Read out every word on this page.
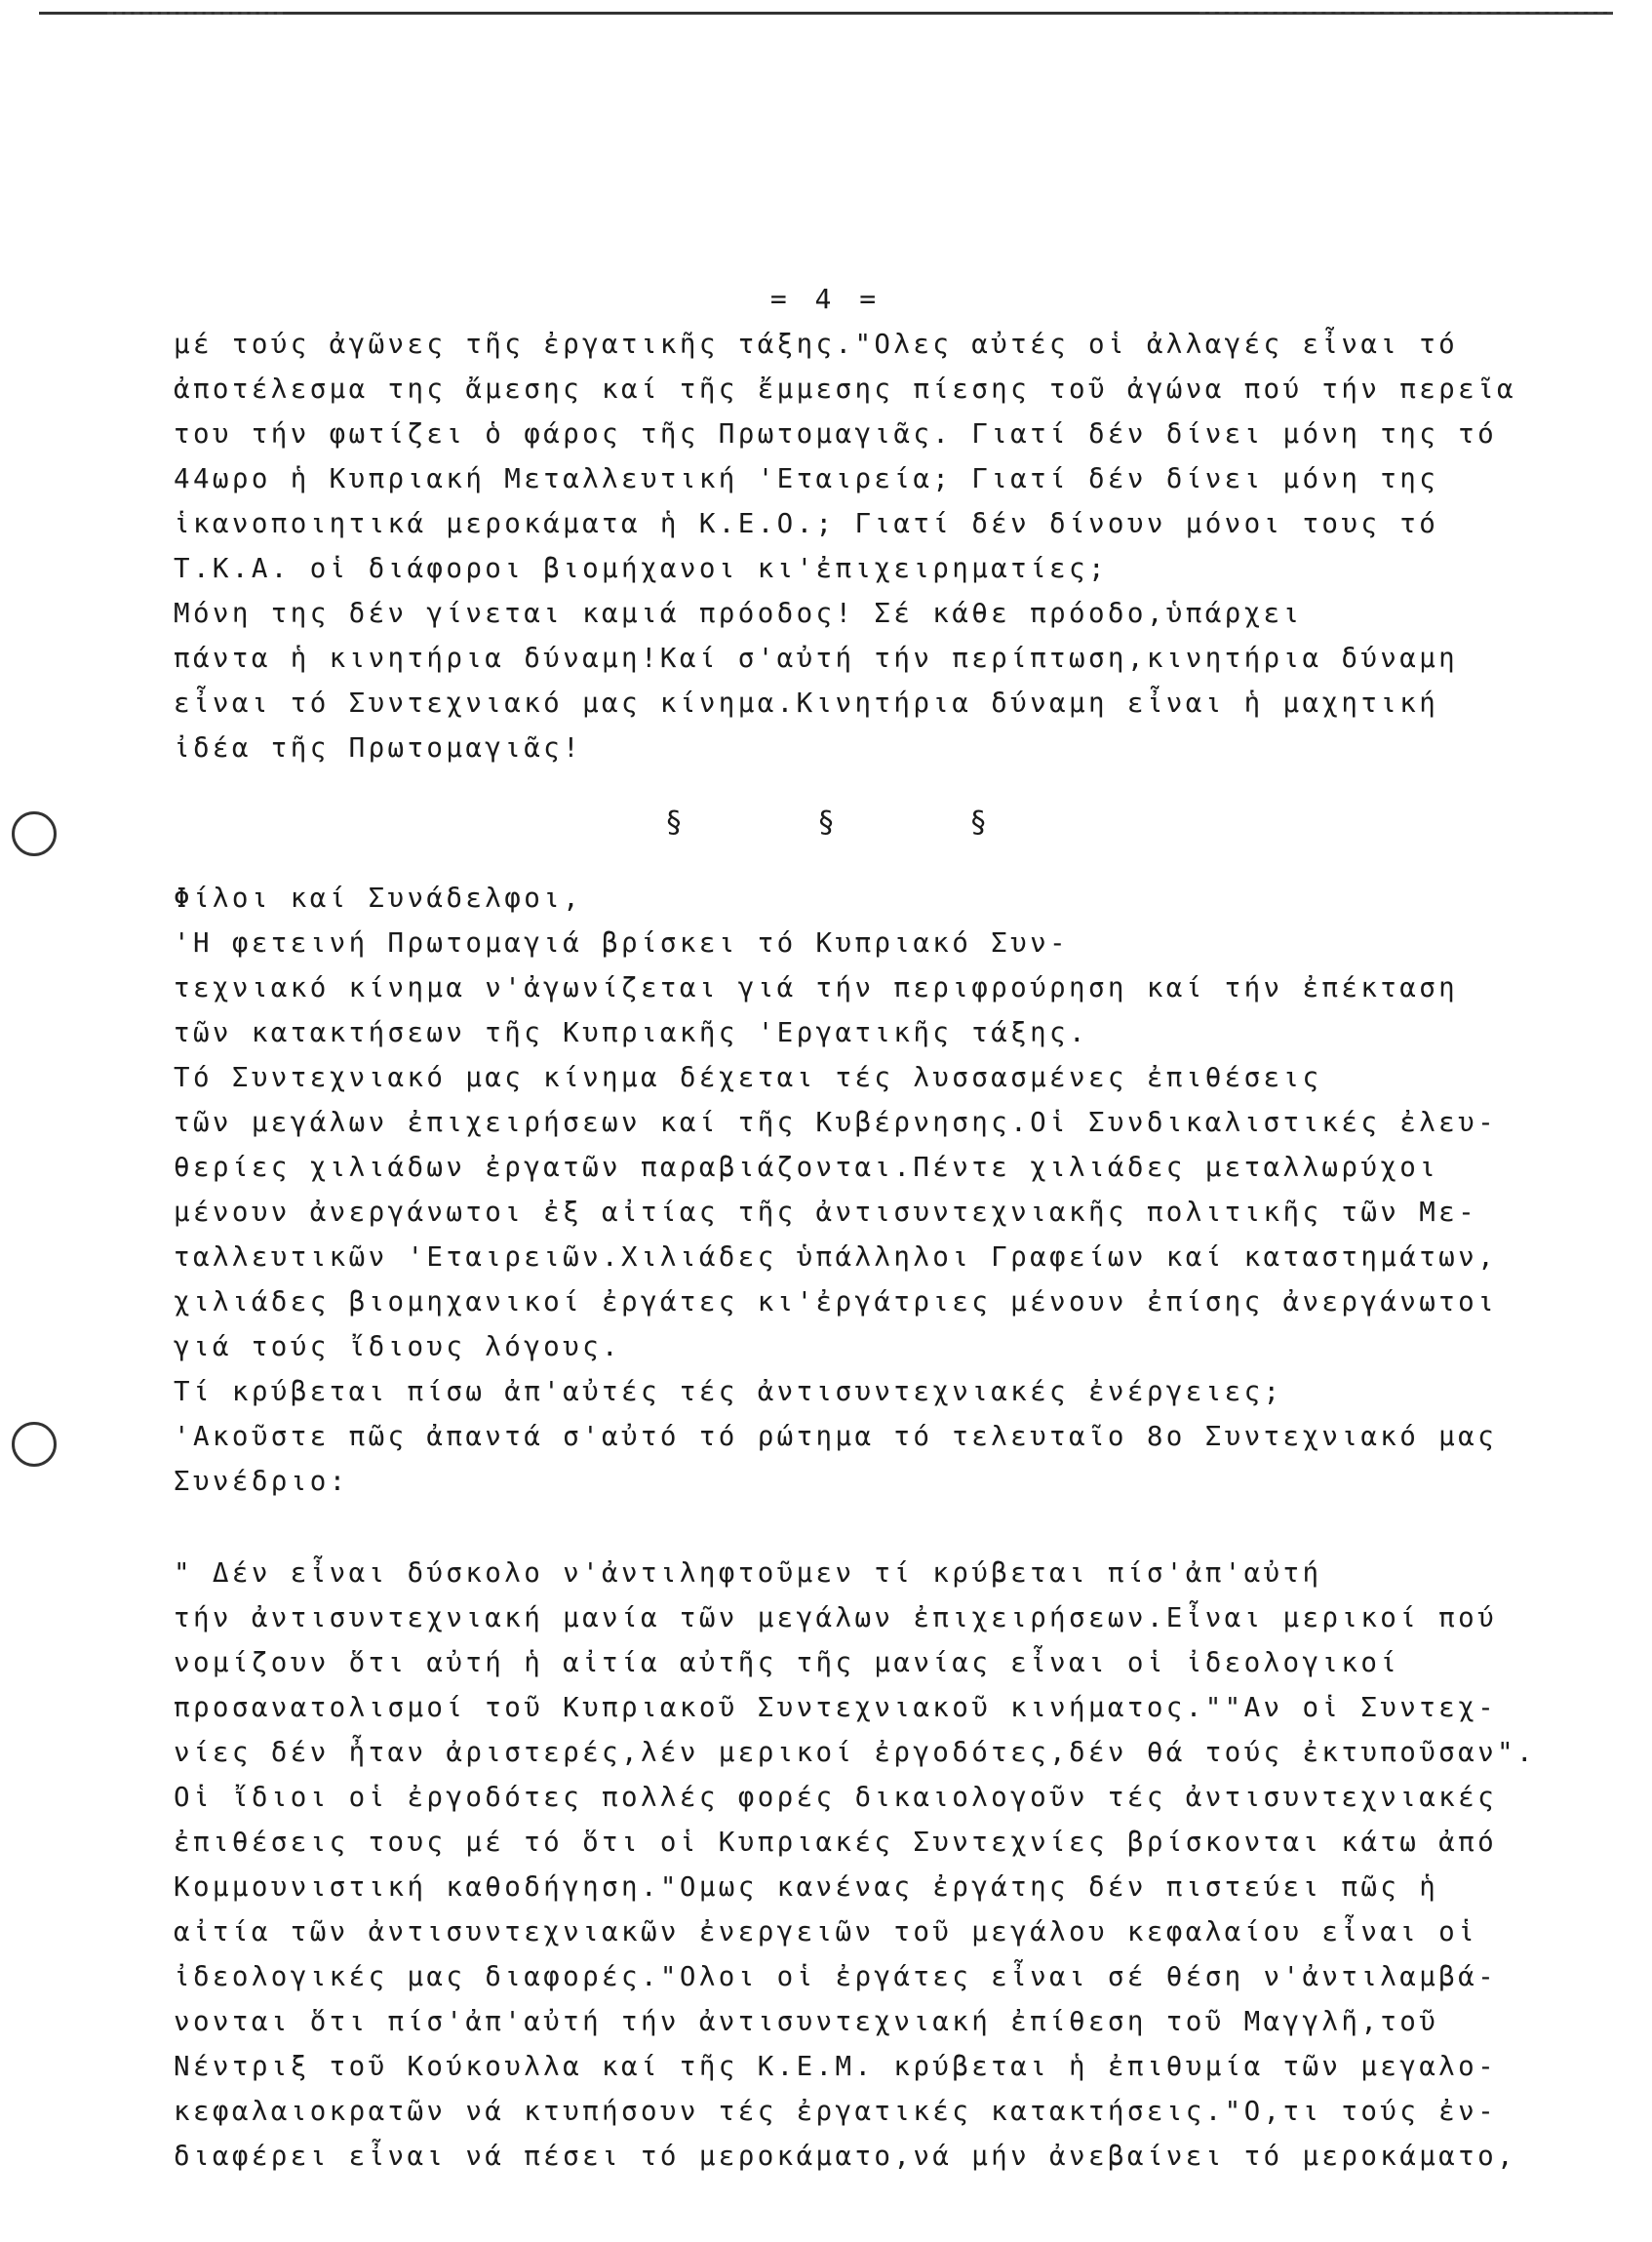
= 4 =
μέ τούς ἀγῶνες τῆς ἐργατικῆς τάξης."Ολες αὐτές οἱ ἀλλαγές εἶναι τό
ἀποτέλεσμα της ἄμεσης καί τῆς ἔμμεσης πίεσης τοῦ ἀγώνα πού τήν περεῖα
του τήν φωτίζει ὁ φάρος τῆς Πρωτομαγιᾶς. Γιατί δέν δίνει μόνη της τό
44ωρο ἡ Κυπριακή Μεταλλευτική 'Εταιρεία; Γιατί δέν δίνει μόνη της
ἱκανοποιητικά μεροκάματα ἡ Κ.Ε.Ο.; Γιατί δέν δίνουν μόνοι τους τό
Τ.Κ.Α. οἱ διάφοροι βιομήχανοι κι'ἐπιχειρηματίες;
Μόνη της δέν γίνεται καμιά πρόοδος! Σέ κάθε πρόοδο,ὑπάρχει
πάντα ἡ κινητήρια δύναμη!Καί σ'αὐτή τήν περίπτωση,κινητήρια δύναμη
εἶναι τό Συντεχνιακό μας κίνημα.Κινητήρια δύναμη εἶναι ἡ μαχητική
ἰδέα τῆς Πρωτομαγιᾶς!
§ § §
Φίλοι καί Συνάδελφοι,
'Η φετεινή Πρωτομαγιά βρίσκει τό Κυπριακό Συν-
τεχνιακό κίνημα ν'ἀγωνίζεται γιά τήν περιφρούρηση καί τήν ἐπέκταση
τῶν κατακτήσεων τῆς Κυπριακῆς 'Εργατικῆς τάξης.
Τό Συντεχνιακό μας κίνημα δέχεται τές λυσσασμένες ἐπιθέσεις
τῶν μεγάλων ἐπιχειρήσεων καί τῆς Κυβέρνησης.Οἱ Συνδικαλιστικές ἐλευ-
θερίες χιλιάδων ἐργατῶν παραβιάζονται.Πέντε χιλιάδες μεταλλωρύχοι
μένουν ἀνεργάνωτοι ἐξ αἰτίας τῆς ἀντισυντεχνιακῆς πολιτικῆς τῶν Με-
ταλλευτικῶν 'Εταιρειῶν.Χιλιάδες ὑπάλληλοι Γραφείων καί καταστημάτων,
χιλιάδες βιομηχανικοί ἐργάτες κι'ἐργάτριες μένουν ἐπίσης ἀνεργάνωτοι
γιά τούς ἴδιους λόγους.
Τί κρύβεται πίσω ἀπ'αὐτές τές ἀντισυντεχνιακές ἐνέργειες;
'Ακοῦστε πῶς ἀπαντά σ'αὐτό τό ρώτημα τό τελευταῖο 8ο Συντεχνιακό μας
Συνέδριο:
" Δέν εἶναι δύσκολο ν'ἀντιληφτοῦμεν τί κρύβεται πίσ'ἀπ'αὐτή
τήν ἀντισυντεχνιακή μανία τῶν μεγάλων ἐπιχειρήσεων.Εἶναι μερικοί πού
νομίζουν ὅτι αὐτή ἡ αἰτία αὐτῆς τῆς μανίας εἶναι οἱ ἰδεολογικοί
προσανατολισμοί τοῦ Κυπριακοῦ Συντεχνιακοῦ κινήματος.""Αν οἱ Συντεχ-
νίες δέν ἦταν ἀριστερές,λέν μερικοί ἐργοδότες,δέν θά τούς ἐκτυποῦσαν".
Οἱ ἴδιοι οἱ ἐργοδότες πολλές φορές δικαιολογοῦν τές ἀντισυντεχνιακές
ἐπιθέσεις τους μέ τό ὅτι οἱ Κυπριακές Συντεχνίες βρίσκονται κάτω ἀπό
Κομμουνιστική καθοδήγηση."Ομως κανένας ἐργάτης δέν πιστεύει πῶς ἡ
αἰτία τῶν ἀντισυντεχνιακῶν ἐνεργειῶν τοῦ μεγάλου κεφαλαίου εἶναι οἱ
ἰδεολογικές μας διαφορές."Ολοι οἱ ἐργάτες εἶναι σέ θέση ν'ἀντιλαμβά-
νονται ὅτι πίσ'ἀπ'αὐτή τήν ἀντισυντεχνιακή ἐπίθεση τοῦ Μαγγλῆ,τοῦ
Νέντριξ τοῦ Κούκουλλα καί τῆς Κ.Ε.Μ. κρύβεται ἡ ἐπιθυμία τῶν μεγαλο-
κεφαλαιοκρατῶν νά κτυπήσουν τές ἐργατικές κατακτήσεις."Ο,τι τούς ἐν-
διαφέρει εἶναι νά πέσει τό μεροκάματο,νά μήν ἀνεβαίνει τό μεροκάματο,
